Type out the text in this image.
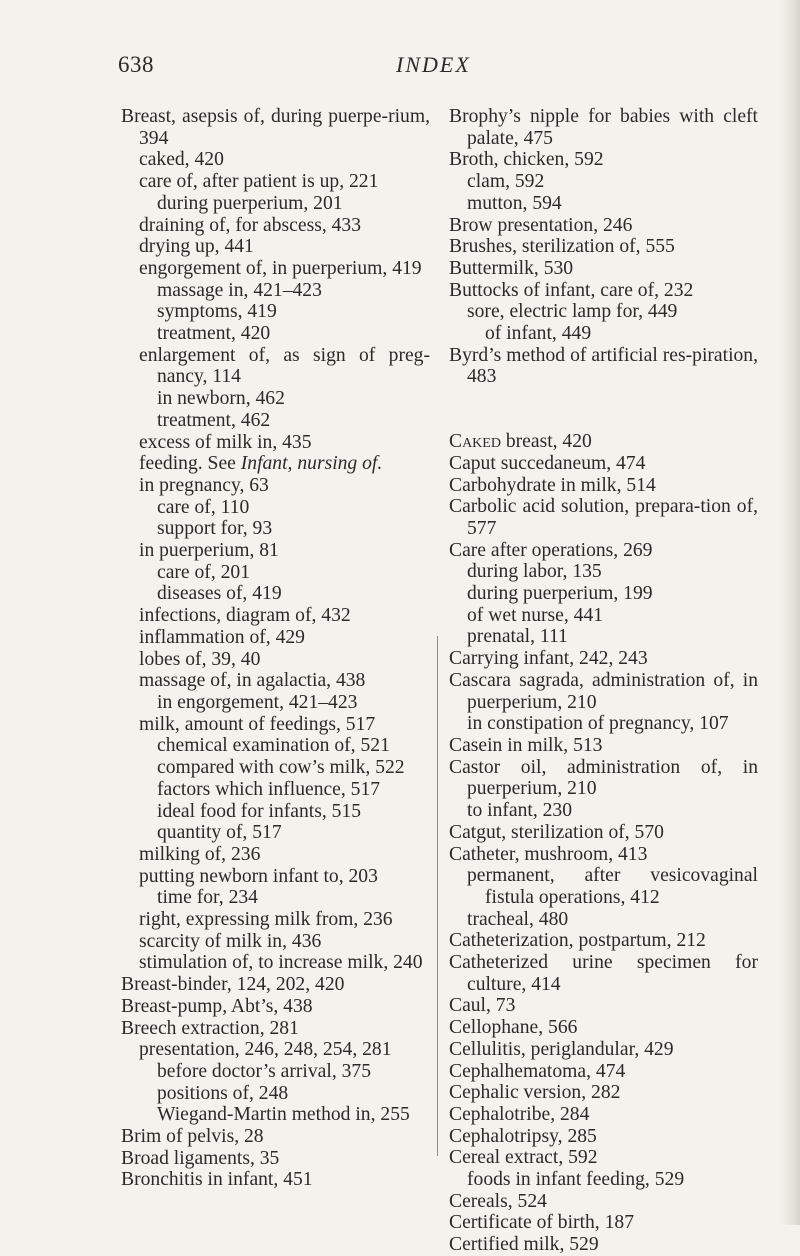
638	INDEX

Breast, asepsis of, during puerpe-rium, 394

caked, 420

care of, after patient is up, 221

during puerperium, 201

draining of, for abscess, 433

drying up, 441

engorgement of, in puerperium, 419

massage in, 421–423

symptoms, 419

treatment, 420

enlargement of, as sign of preg-nancy, 114

in newborn, 462

treatment, 462

excess of milk in, 435

feeding. See Infant, nursing of.

in pregnancy, 63

care of, 110

support for, 93

in puerperium, 81

care of, 201

diseases of, 419

infections, diagram of, 432

inflammation of, 429

lobes of, 39, 40

massage of, in agalactia, 438

in engorgement, 421–423

milk, amount of feedings, 517

chemical examination of, 521

compared with cow’s milk, 522

factors which influence, 517

ideal food for infants, 515

quantity of, 517

milking of, 236

putting newborn infant to, 203

time for, 234

right, expressing milk from, 236

scarcity of milk in, 436

stimulation of, to increase milk, 240

Breast-binder, 124, 202, 420

Breast-pump, Abt’s, 438

Breech extraction, 281

presentation, 246, 248, 254, 281

before doctor’s arrival, 375

positions of, 248

Wiegand-Martin method in, 255

Brim of pelvis, 28

Broad ligaments, 35

Bronchitis in infant, 451

Brophy’s nipple for babies with cleft palate, 475

Broth, chicken, 592

clam, 592

mutton, 594

Brow presentation, 246

Brushes, sterilization of, 555

Buttermilk, 530

Buttocks of infant, care of, 232

sore, electric lamp for, 449

of infant, 449

Byrd’s method of artificial res-piration, 483

Caked breast, 420

Caput succedaneum, 474

Carbohydrate in milk, 514

Carbolic acid solution, prepara-tion of, 577

Care after operations, 269

during labor, 135

during puerperium, 199

of wet nurse, 441

prenatal, 111

Carrying infant, 242, 243

Cascara sagrada, administration of, in puerperium, 210

in constipation of pregnancy, 107

Casein in milk, 513

Castor oil, administration of, in puerperium, 210

to infant, 230

Catgut, sterilization of, 570

Catheter, mushroom, 413

permanent, after vesicovaginal fistula operations, 412

tracheal, 480

Catheterization, postpartum, 212

Catheterized urine specimen for culture, 414

Caul, 73

Cellophane, 566

Cellulitis, periglandular, 429

Cephalhematoma, 474

Cephalic version, 282

Cephalotribe, 284

Cephalotripsy, 285

Cereal extract, 592

foods in infant feeding, 529

Cereals, 524

Certificate of birth, 187

Certified milk, 529
